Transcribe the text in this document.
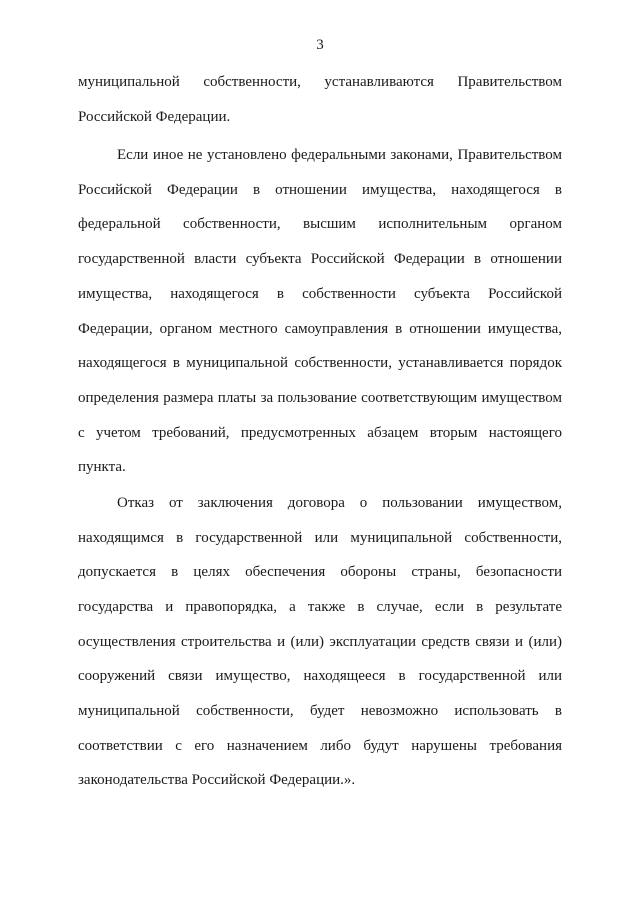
3
муниципальной собственности, устанавливаются Правительством
Российской Федерации.
Если иное не установлено федеральными законами, Правительством
Российской Федерации в отношении имущества, находящегося в
федеральной собственности, высшим исполнительным органом
государственной власти субъекта Российской Федерации в отношении
имущества, находящегося в собственности субъекта Российской
Федерации, органом местного самоуправления в отношении имущества,
находящегося в муниципальной собственности, устанавливается порядок
определения размера платы за пользование соответствующим имуществом
с учетом требований, предусмотренных абзацем вторым настоящего
пункта.
Отказ от заключения договора о пользовании имуществом,
находящимся в государственной или муниципальной собственности,
допускается в целях обеспечения обороны страны, безопасности
государства и правопорядка, а также в случае, если в результате
осуществления строительства и (или) эксплуатации средств связи и (или)
сооружений связи имущество, находящееся в государственной или
муниципальной собственности, будет невозможно использовать в
соответствии с его назначением либо будут нарушены требования
законодательства Российской Федерации.».
